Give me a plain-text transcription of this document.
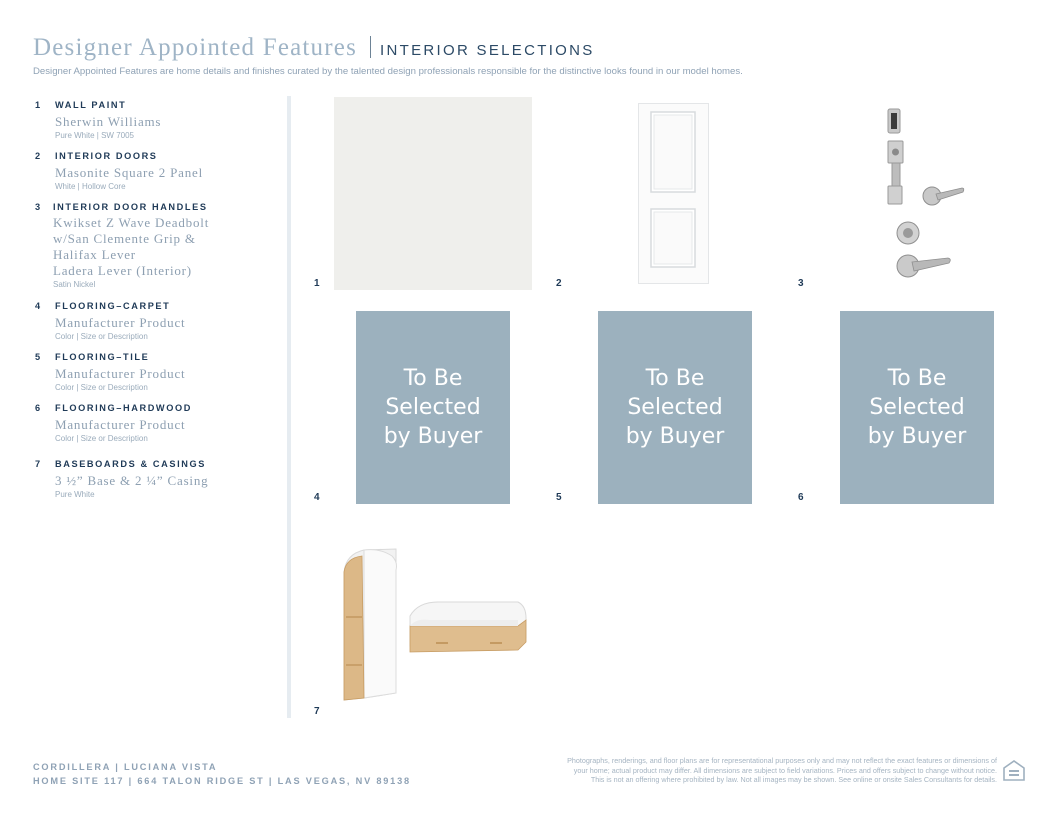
Designer Appointed Features INTERIOR SELECTIONS
Designer Appointed Features are home details and finishes curated by the talented design professionals responsible for the distinctive looks found in our model homes.
1 WALL PAINT
Sherwin Williams
Pure White | SW 7005
2 INTERIOR DOORS
Masonite Square 2 Panel
White | Hollow Core
3 INTERIOR DOOR HANDLES
Kwikset Z Wave Deadbolt
w/San Clemente Grip &
Halifax Lever
Ladera Lever (Interior)
Satin Nickel
4 FLOORING–CARPET
Manufacturer Product
Color | Size or Description
5 FLOORING–TILE
Manufacturer Product
Color | Size or Description
6 FLOORING–HARDWOOD
Manufacturer Product
Color | Size or Description
7 BASEBOARDS & CASINGS
3 ½” Base & 2 ¼” Casing
Pure White
1	2	3
To Be
Selected
by Buyer
4
To Be
Selected
by Buyer
5
To Be
Selected
by Buyer
6
7
CORDILLERA | LUCIANA VISTA
HOME SITE 117 | 664 TALON RIDGE ST | LAS VEGAS, NV 89138
Photographs, renderings, and floor plans are for representational purposes only and may not reflect the exact features or dimensions of
your home; actual product may differ. All dimensions are subject to field variations. Prices and offers subject to change without notice.
This is not an offering where prohibited by law. Not all images may be shown. See online or onsite Sales Consultants for details.
